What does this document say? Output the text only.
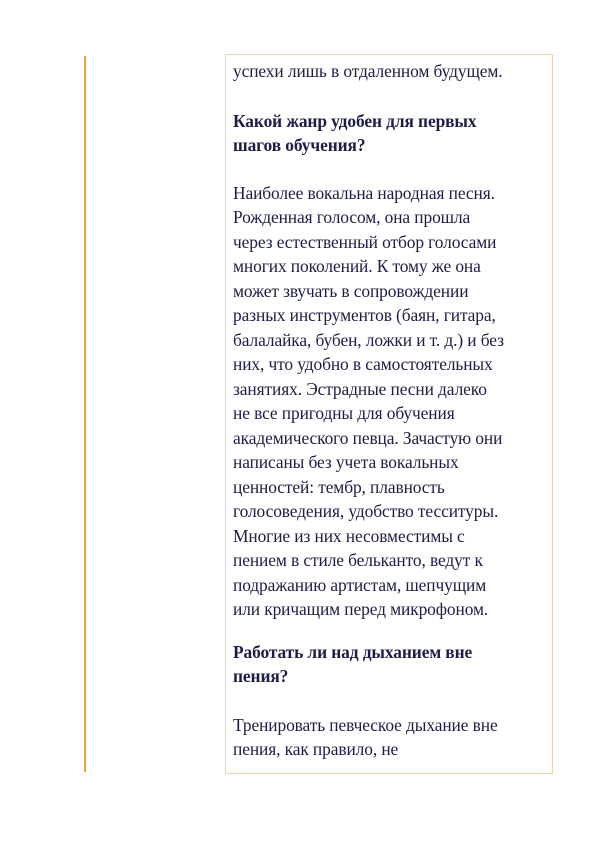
успехи лишь в отдаленном будущем.

Какой жанр удобен для первых

шагов обучения?

Наиболее вокальна народная песня.

Рожденная голосом, она прошла

через естественный отбор голосами

многих поколений. К тому же она

может звучать в сопровождении

разных инструментов (баян, гитара,

балалайка, бубен, ложки и т. д.) и без

них, что удобно в самостоятельных

занятиях. Эстрадные песни далеко

не все пригодны для обучения

академического певца. Зачастую они

написаны без учета вокальных

ценностей: тембр, плавность

голосоведения, удобство тесситуры.

Многие из них несовместимы с

пением в стиле бельканто, ведут к

подражанию артистам, шепчущим

или кричащим перед микрофоном.

Работать ли над дыханием вне

пения?

Тренировать певческое дыхание вне

пения, как правило, не
